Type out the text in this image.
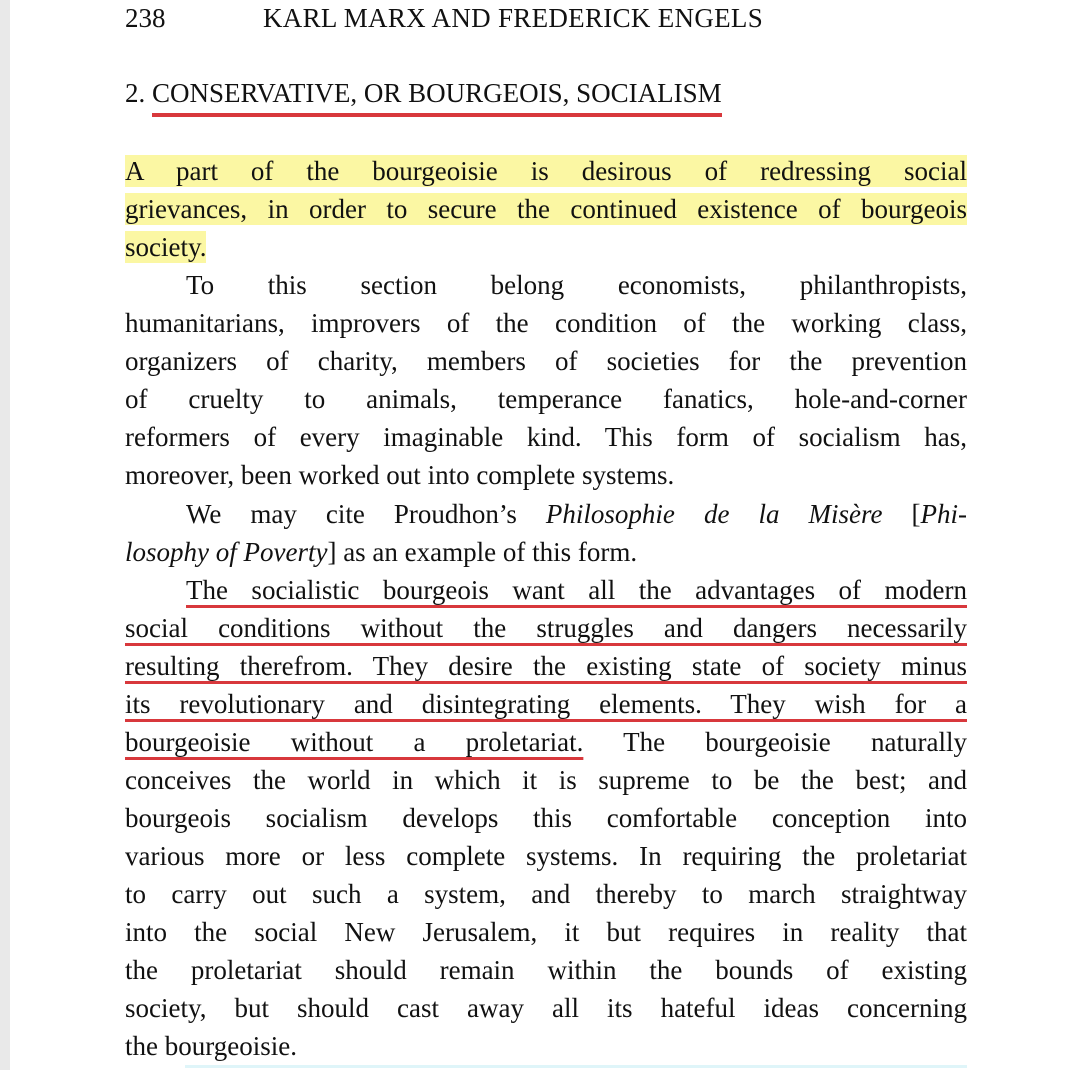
238	KARL MARX AND FREDERICK ENGELS
2. CONSERVATIVE, OR BOURGEOIS, SOCIALISM
A part of the bourgeoisie is desirous of redressing social
grievances, in order to secure the continued existence of bourgeois
society.
To this section belong economists, philanthropists,
humanitarians, improvers of the condition of the working class,
organizers of charity, members of societies for the prevention
of cruelty to animals, temperance fanatics, hole-and-corner
reformers of every imaginable kind. This form of socialism has,
moreover, been worked out into complete systems.
We may cite Proudhon’s Philosophie de la Misère [Phi-
losophy of Poverty] as an example of this form.
The socialistic bourgeois want all the advantages of modern
social conditions without the struggles and dangers necessarily
resulting therefrom. They desire the existing state of society minus
its revolutionary and disintegrating elements. They wish for a
bourgeoisie without a proletariat. The bourgeoisie naturally
conceives the world in which it is supreme to be the best; and
bourgeois socialism develops this comfortable conception into
various more or less complete systems. In requiring the proletariat
to carry out such a system, and thereby to march straightway
into the social New Jerusalem, it but requires in reality that
the proletariat should remain within the bounds of existing
society, but should cast away all its hateful ideas concerning
the bourgeoisie.
